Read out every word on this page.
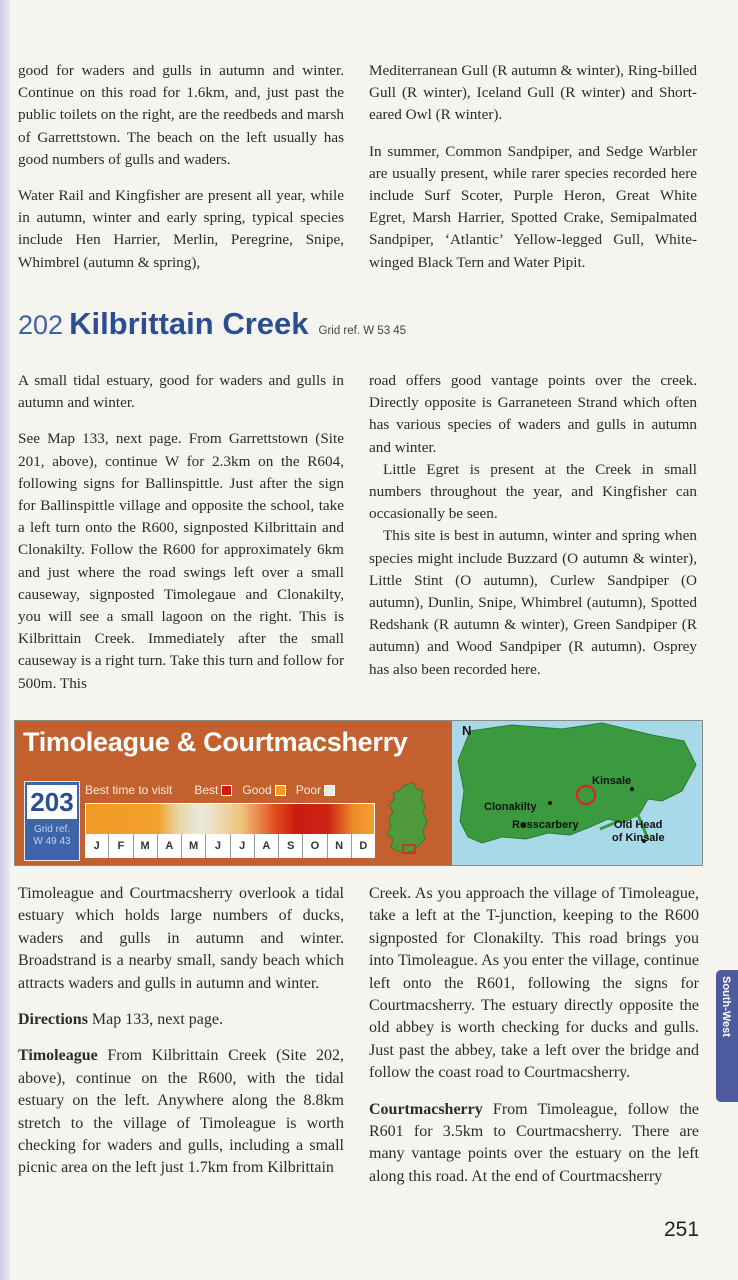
good for waders and gulls in autumn and winter. Continue on this road for 1.6km, and, just past the public toilets on the right, are the reedbeds and marsh of Garrettstown. The beach on the left usually has good numbers of gulls and waders.

Water Rail and Kingfisher are present all year, while in autumn, winter and early spring, typical species include Hen Harrier, Merlin, Peregrine, Snipe, Whimbrel (autumn & spring),

Mediterranean Gull (R autumn & winter), Ring-billed Gull (R winter), Iceland Gull (R winter) and Short-eared Owl (R winter).

In summer, Common Sandpiper, and Sedge Warbler are usually present, while rarer species recorded here include Surf Scoter, Purple Heron, Great White Egret, Marsh Harrier, Spotted Crake, Semipalmated Sandpiper, ‘Atlantic’ Yellow-legged Gull, White-winged Black Tern and Water Pipit.

202 Kilbrittain Creek Grid ref. W 53 45

A small tidal estuary, good for waders and gulls in autumn and winter.

See Map 133, next page. From Garrettstown (Site 201, above), continue W for 2.3km on the R604, following signs for Ballinspittle. Just after the sign for Ballinspittle village and opposite the school, take a left turn onto the R600, signposted Kilbrittain and Clonakilty. Follow the R600 for approximately 6km and just where the road swings left over a small causeway, signposted Timolegaue and Clonakilty, you will see a small lagoon on the right. This is Kilbrittain Creek. Immediately after the small causeway is a right turn. Take this turn and follow for 500m. This

road offers good vantage points over the creek. Directly opposite is Garraneteen Strand which often has various species of waders and gulls in autumn and winter.

Little Egret is present at the Creek in small numbers throughout the year, and Kingfisher can occasionally be seen.

This site is best in autumn, winter and spring when species might include Buzzard (O autumn & winter), Little Stint (O autumn), Curlew Sandpiper (O autumn), Dunlin, Snipe, Whimbrel (autumn), Spotted Redshank (R autumn & winter), Green Sandpiper (R autumn) and Wood Sandpiper (R autumn). Osprey has also been recorded here.

Timoleague & Courtmacsherry
203
Grid ref.
W 49 43
Best time to visit Best Good Poor
J	F	M	A	M	J	J	A	S	O	N	D
N
Kinsale
Clonakilty
Rosscarbery	Old Head
of Kinsale

Timoleague and Courtmacsherry overlook a tidal estuary which holds large numbers of ducks, waders and gulls in autumn and winter. Broadstrand is a nearby small, sandy beach which attracts waders and gulls in autumn and winter.

Directions Map 133, next page.

Timoleague From Kilbrittain Creek (Site 202, above), continue on the R600, with the tidal estuary on the left. Anywhere along the 8.8km stretch to the village of Timoleague is worth checking for waders and gulls, including a small picnic area on the left just 1.7km from Kilbrittain

Creek. As you approach the village of Timoleague, take a left at the T-junction, keeping to the R600 signposted for Clonakilty. This road brings you into Timoleague. As you enter the village, continue left onto the R601, following the signs for Courtmacsherry. The estuary directly opposite the old abbey is worth checking for ducks and gulls. Just past the abbey, take a left over the bridge and follow the coast road to Courtmacsherry.

Courtmacsherry From Timoleague, follow the R601 for 3.5km to Courtmacsherry. There are many vantage points over the estuary on the left along this road. At the end of Courtmacsherry

South-West
251
